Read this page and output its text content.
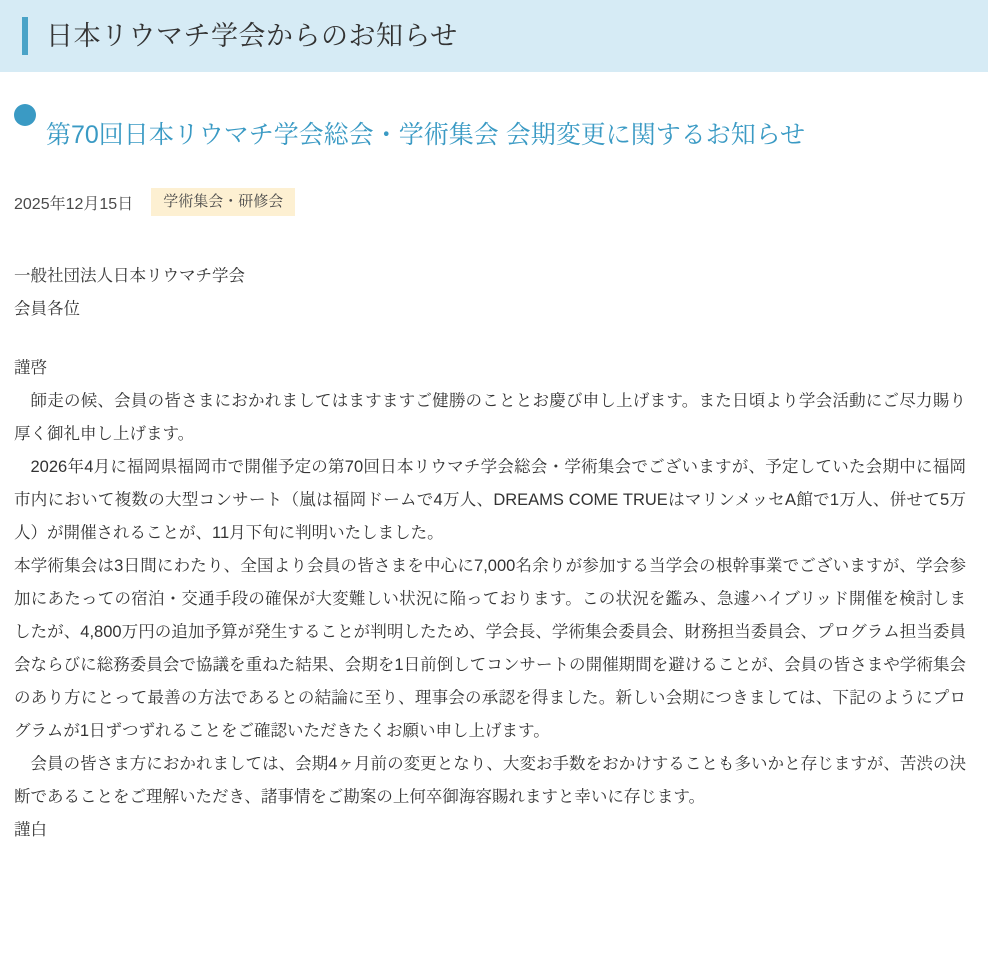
日本リウマチ学会からのお知らせ
第70回日本リウマチ学会総会・学術集会 会期変更に関するお知らせ
2025年12月15日	学術集会・研修会

一般社団法人日本リウマチ学会

会員各位

謹啓

師走の候、会員の皆さまにおかれましてはますますご健勝のこととお慶び申し上げます。また日頃より学会活動にご尽力賜り厚く御礼申し上げます。

2026年4月に福岡県福岡市で開催予定の第70回日本リウマチ学会総会・学術集会でございますが、予定していた会期中に福岡市内において複数の大型コンサート（嵐は福岡ドームで4万人、DREAMS COME TRUEはマリンメッセA館で1万人、併せて5万人）が開催されることが、11月下旬に判明いたしました。

本学術集会は3日間にわたり、全国より会員の皆さまを中心に7,000名余りが参加する当学会の根幹事業でございますが、学会参加にあたっての宿泊・交通手段の確保が大変難しい状況に陥っております。この状況を鑑み、急遽ハイブリッド開催を検討しましたが、4,800万円の追加予算が発生することが判明したため、学会長、学術集会委員会、財務担当委員会、プログラム担当委員会ならびに総務委員会で協議を重ねた結果、会期を1日前倒してコンサートの開催期間を避けることが、会員の皆さまや学術集会のあり方にとって最善の方法であるとの結論に至り、理事会の承認を得ました。新しい会期につきましては、下記のようにプログラムが1日ずつずれることをご確認いただきたくお願い申し上げます。

会員の皆さま方におかれましては、会期4ヶ月前の変更となり、大変お手数をおかけすることも多いかと存じますが、苦渋の決断であることをご理解いただき、諸事情をご勘案の上何卒御海容賜れますと幸いに存じます。

謹白
